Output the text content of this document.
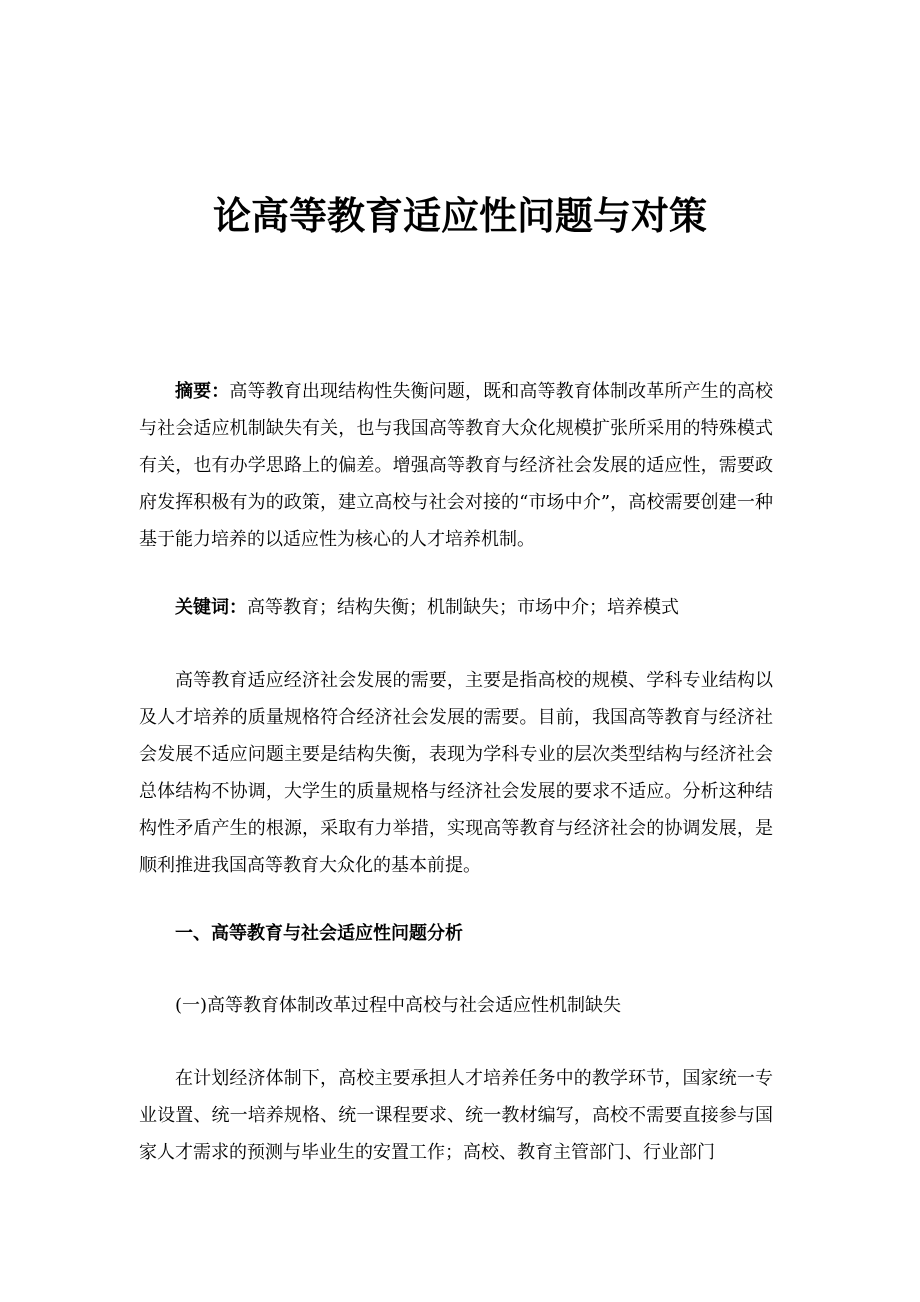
论高等教育适应性问题与对策
摘要：高等教育出现结构性失衡问题，既和高等教育体制改革所产生的高校与社会适应机制缺失有关，也与我国高等教育大众化规模扩张所采用的特殊模式有关，也有办学思路上的偏差。增强高等教育与经济社会发展的适应性，需要政府发挥积极有为的政策，建立高校与社会对接的“市场中介”，高校需要创建一种基于能力培养的以适应性为核心的人才培养机制。
关键词：高等教育；结构失衡；机制缺失；市场中介；培养模式
高等教育适应经济社会发展的需要，主要是指高校的规模、学科专业结构以及人才培养的质量规格符合经济社会发展的需要。目前，我国高等教育与经济社会发展不适应问题主要是结构失衡，表现为学科专业的层次类型结构与经济社会总体结构不协调，大学生的质量规格与经济社会发展的要求不适应。分析这种结构性矛盾产生的根源，采取有力举措，实现高等教育与经济社会的协调发展，是顺利推进我国高等教育大众化的基本前提。
一、高等教育与社会适应性问题分析
(一)高等教育体制改革过程中高校与社会适应性机制缺失
在计划经济体制下，高校主要承担人才培养任务中的教学环节，国家统一专业设置、统一培养规格、统一课程要求、统一教材编写，高校不需要直接参与国家人才需求的预测与毕业生的安置工作；高校、教育主管部门、行业部门
